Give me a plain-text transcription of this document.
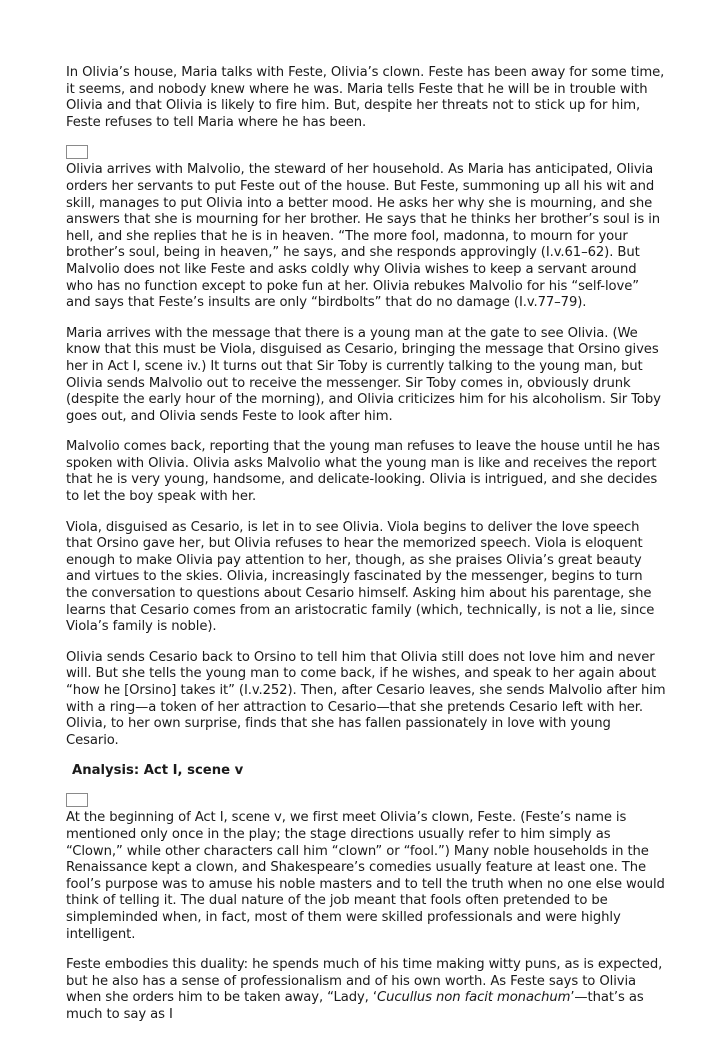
In Olivia’s house, Maria talks with Feste, Olivia’s clown. Feste has been away for some time, it seems, and nobody knew where he was. Maria tells Feste that he will be in trouble with Olivia and that Olivia is likely to fire him. But, despite her threats not to stick up for him, Feste refuses to tell Maria where he has been.

Olivia arrives with Malvolio, the steward of her household. As Maria has anticipated, Olivia orders her servants to put Feste out of the house. But Feste, summoning up all his wit and skill, manages to put Olivia into a better mood. He asks her why she is mourning, and she answers that she is mourning for her brother. He says that he thinks her brother’s soul is in hell, and she replies that he is in heaven. “The more fool, madonna, to mourn for your brother’s soul, being in heaven,” he says, and she responds approvingly (I.v.61–62). But Malvolio does not like Feste and asks coldly why Olivia wishes to keep a servant around who has no function except to poke fun at her. Olivia rebukes Malvolio for his “self-love” and says that Feste’s insults are only “birdbolts” that do no damage (I.v.77–79).

Maria arrives with the message that there is a young man at the gate to see Olivia. (We know that this must be Viola, disguised as Cesario, bringing the message that Orsino gives her in Act I, scene iv.) It turns out that Sir Toby is currently talking to the young man, but Olivia sends Malvolio out to receive the messenger. Sir Toby comes in, obviously drunk (despite the early hour of the morning), and Olivia criticizes him for his alcoholism. Sir Toby goes out, and Olivia sends Feste to look after him.

Malvolio comes back, reporting that the young man refuses to leave the house until he has spoken with Olivia. Olivia asks Malvolio what the young man is like and receives the report that he is very young, handsome, and delicate-looking. Olivia is intrigued, and she decides to let the boy speak with her.

Viola, disguised as Cesario, is let in to see Olivia. Viola begins to deliver the love speech that Orsino gave her, but Olivia refuses to hear the memorized speech. Viola is eloquent enough to make Olivia pay attention to her, though, as she praises Olivia’s great beauty and virtues to the skies. Olivia, increasingly fascinated by the messenger, begins to turn the conversation to questions about Cesario himself. Asking him about his parentage, she learns that Cesario comes from an aristocratic family (which, technically, is not a lie, since Viola’s family is noble).

Olivia sends Cesario back to Orsino to tell him that Olivia still does not love him and never will. But she tells the young man to come back, if he wishes, and speak to her again about “how he [Orsino] takes it” (I.v.252). Then, after Cesario leaves, she sends Malvolio after him with a ring—a token of her attraction to Cesario—that she pretends Cesario left with her. Olivia, to her own surprise, finds that she has fallen passionately in love with young Cesario.

Analysis: Act I, scene v

At the beginning of Act I, scene v, we first meet Olivia’s clown, Feste. (Feste’s name is mentioned only once in the play; the stage directions usually refer to him simply as “Clown,” while other characters call him “clown” or “fool.”) Many noble households in the Renaissance kept a clown, and Shakespeare’s comedies usually feature at least one. The fool’s purpose was to amuse his noble masters and to tell the truth when no one else would think of telling it. The dual nature of the job meant that fools often pretended to be simpleminded when, in fact, most of them were skilled professionals and were highly intelligent.

Feste embodies this duality: he spends much of his time making witty puns, as is expected, but he also has a sense of professionalism and of his own worth. As Feste says to Olivia when she orders him to be taken away, “Lady, ‘Cucullus non facit monachum’—that’s as much to say as I
